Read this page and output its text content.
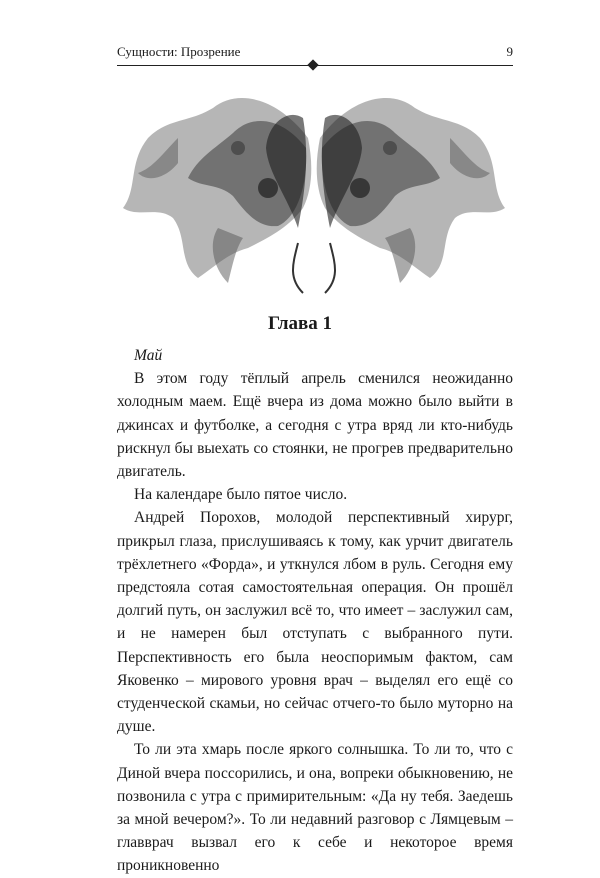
Сущности: Прозрение	9
Глава 1

Май

В этом году тёплый апрель сменился неожиданно холодным маем. Ещё вчера из дома можно было выйти в джинсах и футболке, а сегодня с утра вряд ли кто-нибудь рискнул бы выехать со стоянки, не прогрев предварительно двигатель.

На календаре было пятое число.

Андрей Порохов, молодой перспективный хирург, прикрыл глаза, прислушиваясь к тому, как урчит двигатель трёхлетнего «Форда», и уткнулся лбом в руль. Сегодня ему предстояла сотая самостоятельная операция. Он прошёл долгий путь, он заслужил всё то, что имеет – заслужил сам, и не намерен был отступать с выбранного пути. Перспективность его была неоспоримым фактом, сам Яковенко – мирового уровня врач – выделял его ещё со студенческой скамьи, но сейчас отчего-то было муторно на душе.

То ли эта хмарь после яркого солнышка. То ли то, что с Диной вчера поссорились, и она, вопреки обыкновению, не позвонила с утра с примирительным: «Да ну тебя. Заедешь за мной вечером?». То ли недавний разговор с Лямцевым – главврач вызвал его к себе и некоторое время проникновенно
